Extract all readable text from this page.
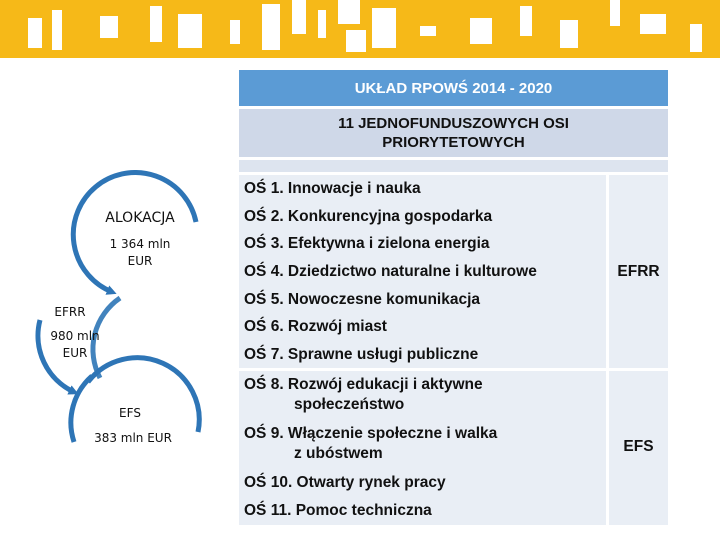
UKŁAD RPOWŚ 2014 - 2020
11 JEDNOFUNDUSZOWYCH OSI
PRIORYTETOWYCH
OŚ 1. Innowacje i nauka
OŚ 2. Konkurencyjna gospodarka
OŚ 3. Efektywna i zielona energia
OŚ 4. Dziedzictwo naturalne i kulturowe
OŚ 5. Nowoczesne komunikacja
OŚ 6. Rozwój miast
OŚ 7. Sprawne usługi publiczne
OŚ 8. Rozwój edukacji i aktywne
społeczeństwo
OŚ 9. Włączenie społeczne i walka
z ubóstwem
OŚ 10. Otwarty rynek pracy
OŚ 11. Pomoc techniczna
EFRR
EFS
ALOKACJA
1 364 mln
EUR
EFRR
980 mln
EUR
EFS
383 mln EUR
